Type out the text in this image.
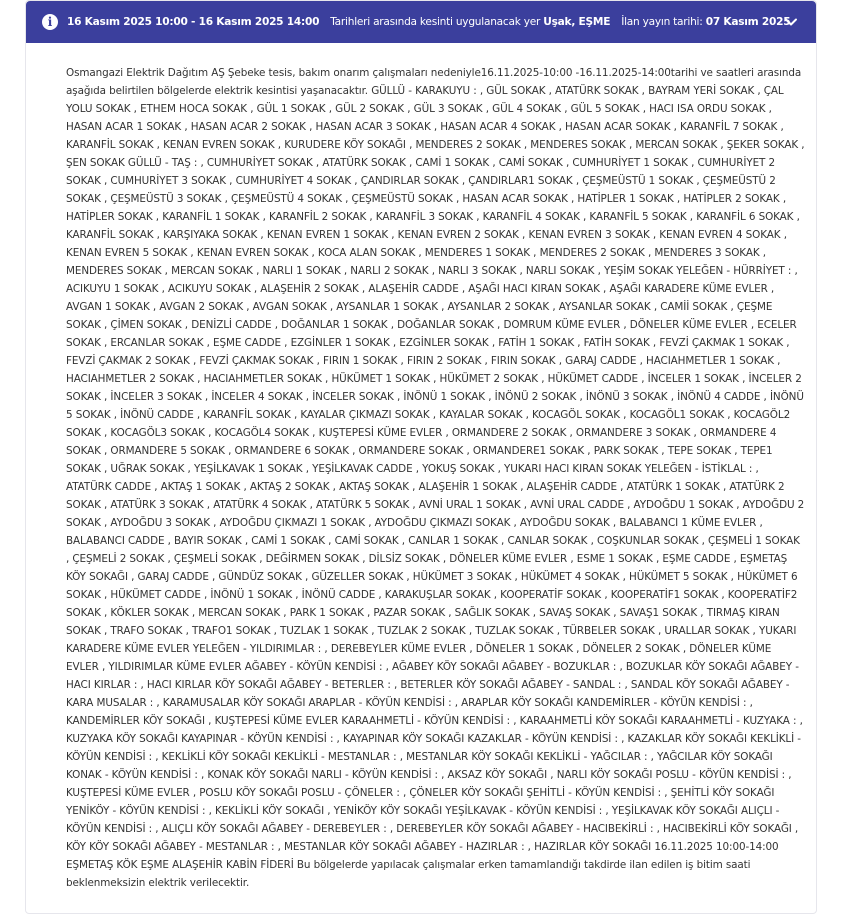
i	16 Kasım 2025 10:00 - 16 Kasım 2025 14:00 Tarihleri arasında kesinti uygulanacak yer Uşak, EŞME İlan yayın tarihi: 07 Kasım 2025
Osmangazi Elektrik Dağıtım AŞ Şebeke tesis, bakım onarım çalışmaları nedeniyle16.11.2025-10:00 -16.11.2025-14:00tarihi ve saatleri arasında aşağıda belirtilen bölgelerde elektrik kesintisi yaşanacaktır. GÜLLÜ - KARAKUYU : , GÜL SOKAK , ATATÜRK SOKAK , BAYRAM YERİ SOKAK , ÇAL YOLU SOKAK , ETHEM HOCA SOKAK , GÜL 1 SOKAK , GÜL 2 SOKAK , GÜL 3 SOKAK , GÜL 4 SOKAK , GÜL 5 SOKAK , HACI ISA ORDU SOKAK , HASAN ACAR 1 SOKAK , HASAN ACAR 2 SOKAK , HASAN ACAR 3 SOKAK , HASAN ACAR 4 SOKAK , HASAN ACAR SOKAK , KARANFİL 7 SOKAK , KARANFİL SOKAK , KENAN EVREN SOKAK , KURUDERE KÖY SOKAĞI , MENDERES 2 SOKAK , MENDERES SOKAK , MERCAN SOKAK , ŞEKER SOKAK , ŞEN SOKAK GÜLLÜ - TAŞ : , CUMHURİYET SOKAK , ATATÜRK SOKAK , CAMİ 1 SOKAK , CAMİ SOKAK , CUMHURİYET 1 SOKAK , CUMHURİYET 2 SOKAK , CUMHURİYET 3 SOKAK , CUMHURİYET 4 SOKAK , ÇANDIRLAR SOKAK , ÇANDIRLAR1 SOKAK , ÇEŞMEÜSTÜ 1 SOKAK , ÇEŞMEÜSTÜ 2 SOKAK , ÇEŞMEÜSTÜ 3 SOKAK , ÇEŞMEÜSTÜ 4 SOKAK , ÇEŞMEÜSTÜ SOKAK , HASAN ACAR SOKAK , HATİPLER 1 SOKAK , HATİPLER 2 SOKAK , HATİPLER SOKAK , KARANFİL 1 SOKAK , KARANFİL 2 SOKAK , KARANFİL 3 SOKAK , KARANFİL 4 SOKAK , KARANFİL 5 SOKAK , KARANFİL 6 SOKAK , KARANFİL SOKAK , KARŞIYAKA SOKAK , KENAN EVREN 1 SOKAK , KENAN EVREN 2 SOKAK , KENAN EVREN 3 SOKAK , KENAN EVREN 4 SOKAK , KENAN EVREN 5 SOKAK , KENAN EVREN SOKAK , KOCA ALAN SOKAK , MENDERES 1 SOKAK , MENDERES 2 SOKAK , MENDERES 3 SOKAK , MENDERES SOKAK , MERCAN SOKAK , NARLI 1 SOKAK , NARLI 2 SOKAK , NARLI 3 SOKAK , NARLI SOKAK , YEŞİM SOKAK YELEĞEN - HÜRRİYET : , ACIKUYU 1 SOKAK , ACIKUYU SOKAK , ALAŞEHİR 2 SOKAK , ALAŞEHİR CADDE , AŞAĞI HACI KIRAN SOKAK , AŞAĞI KARADERE KÜME EVLER , AVGAN 1 SOKAK , AVGAN 2 SOKAK , AVGAN SOKAK , AYSANLAR 1 SOKAK , AYSANLAR 2 SOKAK , AYSANLAR SOKAK , CAMİİ SOKAK , ÇEŞME SOKAK , ÇİMEN SOKAK , DENİZLİ CADDE , DOĞANLAR 1 SOKAK , DOĞANLAR SOKAK , DOMRUM KÜME EVLER , DÖNELER KÜME EVLER , ECELER SOKAK , ERCANLAR SOKAK , EŞME CADDE , EZGİNLER 1 SOKAK , EZGİNLER SOKAK , FATİH 1 SOKAK , FATİH SOKAK , FEVZİ ÇAKMAK 1 SOKAK , FEVZİ ÇAKMAK 2 SOKAK , FEVZİ ÇAKMAK SOKAK , FIRIN 1 SOKAK , FIRIN 2 SOKAK , FIRIN SOKAK , GARAJ CADDE , HACIAHMETLER 1 SOKAK , HACIAHMETLER 2 SOKAK , HACIAHMETLER SOKAK , HÜKÜMET 1 SOKAK , HÜKÜMET 2 SOKAK , HÜKÜMET CADDE , İNCELER 1 SOKAK , İNCELER 2 SOKAK , İNCELER 3 SOKAK , İNCELER 4 SOKAK , İNCELER SOKAK , İNÖNÜ 1 SOKAK , İNÖNÜ 2 SOKAK , İNÖNÜ 3 SOKAK , İNÖNÜ 4 CADDE , İNÖNÜ 5 SOKAK , İNÖNÜ CADDE , KARANFİL SOKAK , KAYALAR ÇIKMAZI SOKAK , KAYALAR SOKAK , KOCAGÖL SOKAK , KOCAGÖL1 SOKAK , KOCAGÖL2 SOKAK , KOCAGÖL3 SOKAK , KOCAGÖL4 SOKAK , KUŞTEPESİ KÜME EVLER , ORMANDERE 2 SOKAK , ORMANDERE 3 SOKAK , ORMANDERE 4 SOKAK , ORMANDERE 5 SOKAK , ORMANDERE 6 SOKAK , ORMANDERE SOKAK , ORMANDERE1 SOKAK , PARK SOKAK , TEPE SOKAK , TEPE1 SOKAK , UĞRAK SOKAK , YEŞİLKAVAK 1 SOKAK , YEŞİLKAVAK CADDE , YOKUŞ SOKAK , YUKARI HACI KIRAN SOKAK YELEĞEN - İSTİKLAL : , ATATÜRK CADDE , AKTAŞ 1 SOKAK , AKTAŞ 2 SOKAK , AKTAŞ SOKAK , ALAŞEHİR 1 SOKAK , ALAŞEHİR CADDE , ATATÜRK 1 SOKAK , ATATÜRK 2 SOKAK , ATATÜRK 3 SOKAK , ATATÜRK 4 SOKAK , ATATÜRK 5 SOKAK , AVNİ URAL 1 SOKAK , AVNİ URAL CADDE , AYDOĞDU 1 SOKAK , AYDOĞDU 2 SOKAK , AYDOĞDU 3 SOKAK , AYDOĞDU ÇIKMAZI 1 SOKAK , AYDOĞDU ÇIKMAZI SOKAK , AYDOĞDU SOKAK , BALABANCI 1 KÜME EVLER , BALABANCI CADDE , BAYIR SOKAK , CAMİ 1 SOKAK , CAMİ SOKAK , CANLAR 1 SOKAK , CANLAR SOKAK , COŞKUNLAR SOKAK , ÇEŞMELİ 1 SOKAK , ÇEŞMELİ 2 SOKAK , ÇEŞMELİ SOKAK , DEĞİRMEN SOKAK , DİLSİZ SOKAK , DÖNELER KÜME EVLER , ESME 1 SOKAK , EŞME CADDE , EŞMETAŞ KÖY SOKAĞI , GARAJ CADDE , GÜNDÜZ SOKAK , GÜZELLER SOKAK , HÜKÜMET 3 SOKAK , HÜKÜMET 4 SOKAK , HÜKÜMET 5 SOKAK , HÜKÜMET 6 SOKAK , HÜKÜMET CADDE , İNÖNÜ 1 SOKAK , İNÖNÜ CADDE , KARAKUŞLAR SOKAK , KOOPERATİF SOKAK , KOOPERATİF1 SOKAK , KOOPERATİF2 SOKAK , KÖKLER SOKAK , MERCAN SOKAK , PARK 1 SOKAK , PAZAR SOKAK , SAĞLIK SOKAK , SAVAŞ SOKAK , SAVAŞ1 SOKAK , TIRMAŞ KIRAN SOKAK , TRAFO SOKAK , TRAFO1 SOKAK , TUZLAK 1 SOKAK , TUZLAK 2 SOKAK , TUZLAK SOKAK , TÜRBELER SOKAK , URALLAR SOKAK , YUKARI KARADERE KÜME EVLER YELEĞEN - YILDIRIMLAR : , DEREBEYLER KÜME EVLER , DÖNELER 1 SOKAK , DÖNELER 2 SOKAK , DÖNELER KÜME EVLER , YILDIRIMLAR KÜME EVLER AĞABEY - KÖYÜN KENDİSİ : , AĞABEY KÖY SOKAĞI AĞABEY - BOZUKLAR : , BOZUKLAR KÖY SOKAĞI AĞABEY - HACI KIRLAR : , HACI KIRLAR KÖY SOKAĞI AĞABEY - BETERLER : , BETERLER KÖY SOKAĞI AĞABEY - SANDAL : , SANDAL KÖY SOKAĞI AĞABEY - KARA MUSALAR : , KARAMUSALAR KÖY SOKAĞI ARAPLAR - KÖYÜN KENDİSİ : , ARAPLAR KÖY SOKAĞI KANDEMİRLER - KÖYÜN KENDİSİ : , KANDEMİRLER KÖY SOKAĞI , KUŞTEPESİ KÜME EVLER KARAAHMETLİ - KÖYÜN KENDİSİ : , KARAAHMETLİ KÖY SOKAĞI KARAAHMETLİ - KUZYAKA : , KUZYAKA KÖY SOKAĞI KAYAPINAR - KÖYÜN KENDİSİ : , KAYAPINAR KÖY SOKAĞI KAZAKLAR - KÖYÜN KENDİSİ : , KAZAKLAR KÖY SOKAĞI KEKLİKLİ - KÖYÜN KENDİSİ : , KEKLİKLİ KÖY SOKAĞI KEKLİKLİ - MESTANLAR : , MESTANLAR KÖY SOKAĞI KEKLİKLİ - YAĞCILAR : , YAĞCILAR KÖY SOKAĞI KONAK - KÖYÜN KENDİSİ : , KONAK KÖY SOKAĞI NARLI - KÖYÜN KENDİSİ : , AKSAZ KÖY SOKAĞI , NARLI KÖY SOKAĞI POSLU - KÖYÜN KENDİSİ : , KUŞTEPESİ KÜME EVLER , POSLU KÖY SOKAĞI POSLU - ÇÖNELER : , ÇÖNELER KÖY SOKAĞI ŞEHİTLİ - KÖYÜN KENDİSİ : , ŞEHİTLİ KÖY SOKAĞI YENİKÖY - KÖYÜN KENDİSİ : , KEKLİKLİ KÖY SOKAĞI , YENİKÖY KÖY SOKAĞI YEŞİLKAVAK - KÖYÜN KENDİSİ : , YEŞİLKAVAK KÖY SOKAĞI ALIÇLI - KÖYÜN KENDİSİ : , ALIÇLI KÖY SOKAĞI AĞABEY - DEREBEYLER : , DEREBEYLER KÖY SOKAĞI AĞABEY - HACIBEKİRLİ : , HACIBEKİRLİ KÖY SOKAĞI , KÖY KÖY SOKAĞI AĞABEY - MESTANLAR : , MESTANLAR KÖY SOKAĞI AĞABEY - HAZIRLAR : , HAZIRLAR KÖY SOKAĞI 16.11.2025 10:00-14:00 EŞMETAŞ KÖK EŞME ALAŞEHİR KABİN FİDERİ Bu bölgelerde yapılacak çalışmalar erken tamamlandığı takdirde ilan edilen iş bitim saati beklenmeksizin elektrik verilecektir.
